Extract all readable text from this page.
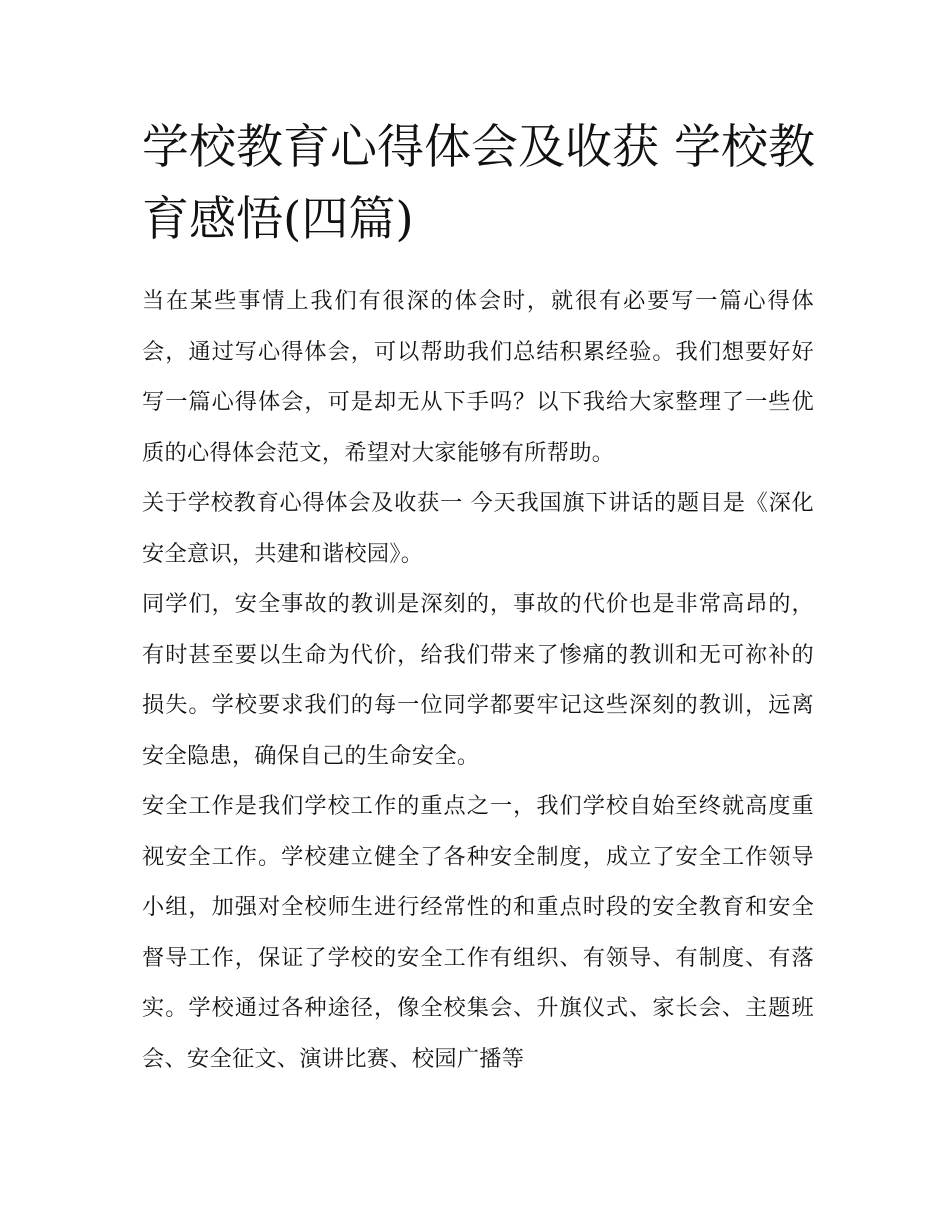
学校教育心得体会及收获 学校教育感悟(四篇)

当在某些事情上我们有很深的体会时，就很有必要写一篇心得体会，通过写心得体会，可以帮助我们总结积累经验。我们想要好好写一篇心得体会，可是却无从下手吗？以下我给大家整理了一些优质的心得体会范文，希望对大家能够有所帮助。

关于学校教育心得体会及收获一 今天我国旗下讲话的题目是《深化安全意识，共建和谐校园》。

同学们，安全事故的教训是深刻的，事故的代价也是非常高昂的，有时甚至要以生命为代价，给我们带来了惨痛的教训和无可祢补的损失。学校要求我们的每一位同学都要牢记这些深刻的教训，远离安全隐患，确保自己的生命安全。

安全工作是我们学校工作的重点之一，我们学校自始至终就高度重视安全工作。学校建立健全了各种安全制度，成立了安全工作领导小组，加强对全校师生进行经常性的和重点时段的安全教育和安全督导工作，保证了学校的安全工作有组织、有领导、有制度、有落实。学校通过各种途径，像全校集会、升旗仪式、家长会、主题班会、安全征文、演讲比赛、校园广播等
